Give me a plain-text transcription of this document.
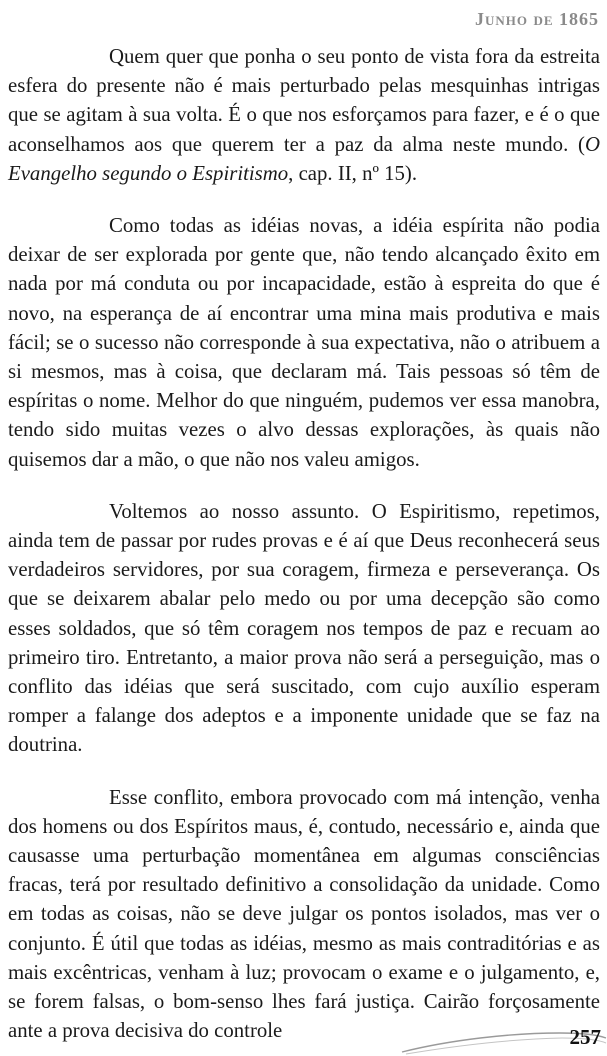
Junho de 1865

Quem quer que ponha o seu ponto de vista fora da estreita esfera do presente não é mais perturbado pelas mesquinhas intrigas que se agitam à sua volta. É o que nos esforçamos para fazer, e é o que aconselhamos aos que querem ter a paz da alma neste mundo. (O Evangelho segundo o Espiritismo, cap. II, nº 15).

Como todas as idéias novas, a idéia espírita não podia deixar de ser explorada por gente que, não tendo alcançado êxito em nada por má conduta ou por incapacidade, estão à espreita do que é novo, na esperança de aí encontrar uma mina mais produtiva e mais fácil; se o sucesso não corresponde à sua expectativa, não o atribuem a si mesmos, mas à coisa, que declaram má. Tais pessoas só têm de espíritas o nome. Melhor do que ninguém, pudemos ver essa manobra, tendo sido muitas vezes o alvo dessas explorações, às quais não quisemos dar a mão, o que não nos valeu amigos.

Voltemos ao nosso assunto. O Espiritismo, repetimos, ainda tem de passar por rudes provas e é aí que Deus reconhecerá seus verdadeiros servidores, por sua coragem, firmeza e perseverança. Os que se deixarem abalar pelo medo ou por uma decepção são como esses soldados, que só têm coragem nos tempos de paz e recuam ao primeiro tiro. Entretanto, a maior prova não será a perseguição, mas o conflito das idéias que será suscitado, com cujo auxílio esperam romper a falange dos adeptos e a imponente unidade que se faz na doutrina.

Esse conflito, embora provocado com má intenção, venha dos homens ou dos Espíritos maus, é, contudo, necessário e, ainda que causasse uma perturbação momentânea em algumas consciências fracas, terá por resultado definitivo a consolidação da unidade. Como em todas as coisas, não se deve julgar os pontos isolados, mas ver o conjunto. É útil que todas as idéias, mesmo as mais contraditórias e as mais excêntricas, venham à luz; provocam o exame e o julgamento, e, se forem falsas, o bom-senso lhes fará justiça. Cairão forçosamente ante a prova decisiva do controle	257
